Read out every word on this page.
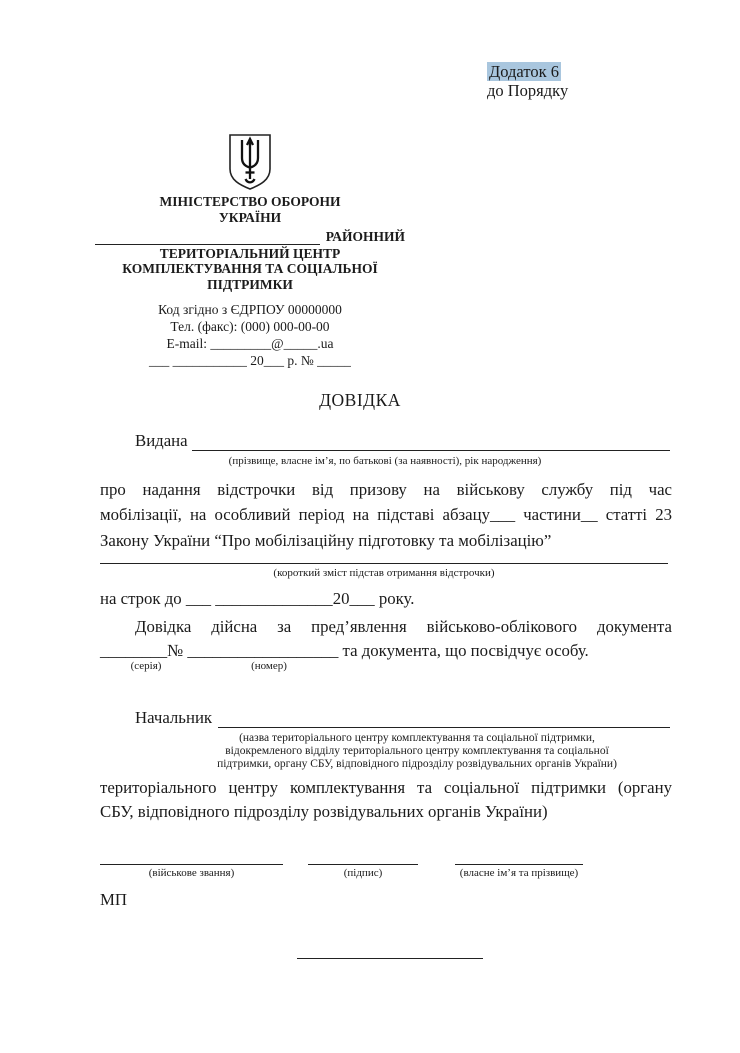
Додаток 6
до Порядку
МІНІСТЕРСТВО ОБОРОНИ
УКРАЇНИ
РАЙОННИЙ
ТЕРИТОРІАЛЬНИЙ ЦЕНТР
КОМПЛЕКТУВАННЯ ТА СОЦІАЛЬНОЇ
ПІДТРИМКИ
Код згідно з ЄДРПОУ 00000000
Тел. (факс): (000) 000-00-00
E-mail: _________@_____.ua
___ ___________ 20___ р. № _____
ДОВІДКА
Видана
(прізвище, власне ім’я, по батькові (за наявності), рік народження)
про надання відстрочки від призову на військову службу під час
мобілізації, на особливий період на підставі абзацу___ частини__ статті 23
Закону України “Про мобілізаційну підготовку та мобілізацію”
(короткий зміст підстав отримання відстрочки)
на строк до ___ ______________20___ року.
Довідка дійсна за пред’явлення військово-облікового документа
________№ __________________ та документа, що посвідчує особу.
(серія)	(номер)
Начальник
(назва територіального центру комплектування та соціальної підтримки,
відокремленого відділу територіального центру комплектування та соціальної
підтримки, органу СБУ, відповідного підрозділу розвідувальних органів України)
територіального центру комплектування та соціальної підтримки (органу
СБУ, відповідного підрозділу розвідувальних органів України)
(військове звання)	(підпис)	(власне ім’я та прізвище)
МП
